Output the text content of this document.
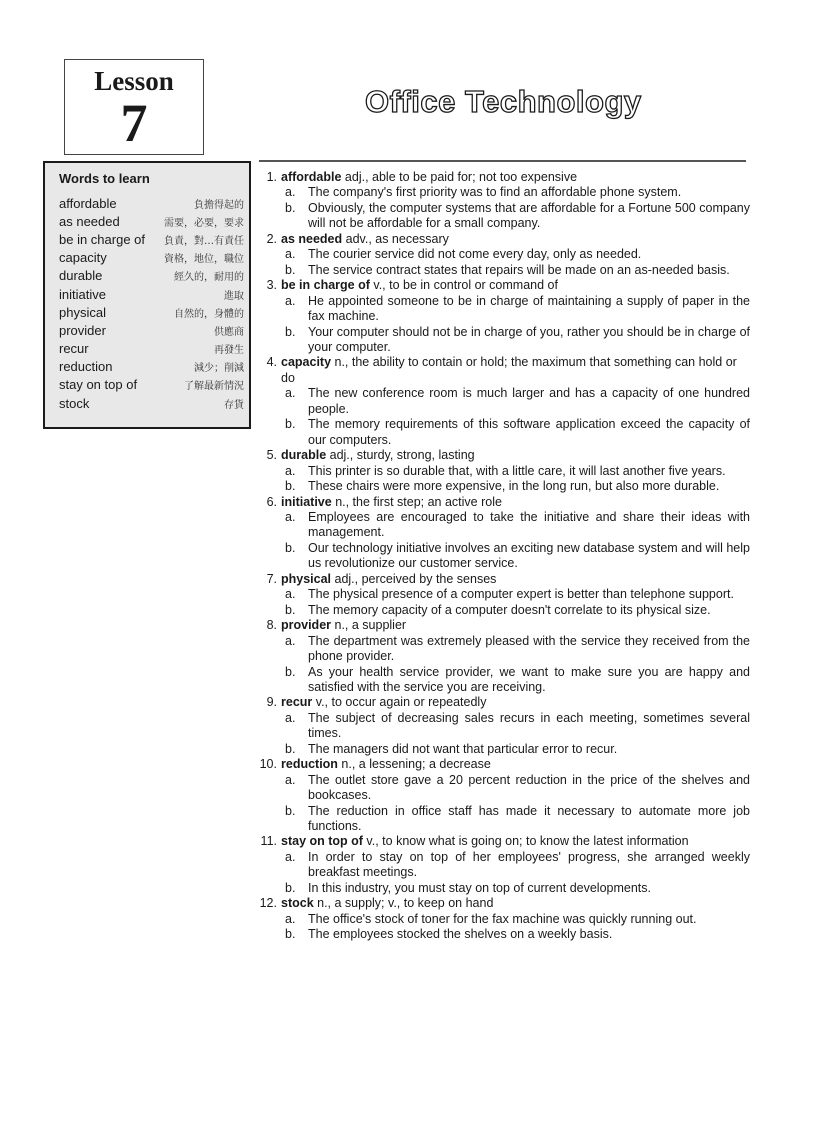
Lesson
7	Office Technology
Words to learn
affordable	負擔得起的
as needed	需要，必要，要求
be in charge of 負責，對…有責任
capacity	資格，地位，職位
durable	經久的，耐用的
initiative	進取
physical	自然的，身體的
provider	供應商
recur	再發生
reduction	減少；削減
stay on top of	了解最新情況
stock	存貨
1. affordable adj., able to be paid for; not too expensive
a.	The company's first priority was to find an affordable phone system.
b.	Obviously, the computer systems that are affordable for a Fortune 500 company will not be affordable for a small company.
2. as needed adv., as necessary
a.	The courier service did not come every day, only as needed.
b.	The service contract states that repairs will be made on an as-needed basis.
3. be in charge of v., to be in control or command of
a.	He appointed someone to be in charge of maintaining a supply of paper in the fax machine.
b.	Your computer should not be in charge of you, rather you should be in charge of your computer.
4. capacity n., the ability to contain or hold; the maximum that something can hold or do
a.	The new conference room is much larger and has a capacity of one hundred people.
b.	The memory requirements of this software application exceed the capacity of our computers.
5. durable adj., sturdy, strong, lasting
a.	This printer is so durable that, with a little care, it will last another five years.
b.	These chairs were more expensive, in the long run, but also more durable.
6. initiative n., the first step; an active role
a.	Employees are encouraged to take the initiative and share their ideas with management.
b.	Our technology initiative involves an exciting new database system and will help us revolutionize our customer service.
7. physical adj., perceived by the senses
a.	The physical presence of a computer expert is better than telephone support.
b.	The memory capacity of a computer doesn't correlate to its physical size.
8. provider n., a supplier
a.	The department was extremely pleased with the service they received from the phone provider.
b.	As your health service provider, we want to make sure you are happy and satisfied with the service you are receiving.
9. recur v., to occur again or repeatedly
a.	The subject of decreasing sales recurs in each meeting, sometimes several times.
b.	The managers did not want that particular error to recur.
10. reduction n., a lessening; a decrease
a.	The outlet store gave a 20 percent reduction in the price of the shelves and bookcases.
b.	The reduction in office staff has made it necessary to automate more job functions.
11. stay on top of v., to know what is going on; to know the latest information
a.	In order to stay on top of her employees' progress, she arranged weekly breakfast meetings.
b.	In this industry, you must stay on top of current developments.
12. stock n., a supply; v., to keep on hand
a.	The office's stock of toner for the fax machine was quickly running out.
b.	The employees stocked the shelves on a weekly basis.
